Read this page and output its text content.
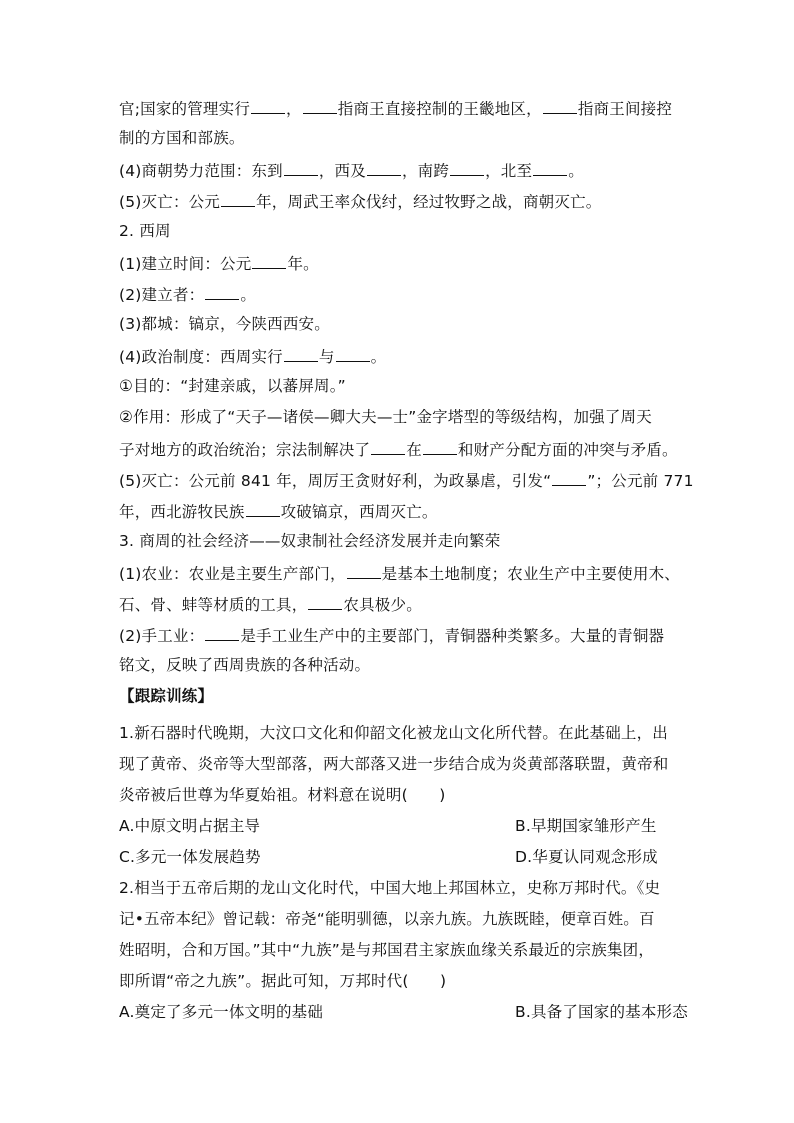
官;国家的管理实行 ， 指商王直接控制的王畿地区， 指商王间接控
制的方国和部族。
(4)商朝势力范围：东到 ，西及 ，南跨 ，北至 。
(5)灭亡：公元 年，周武王率众伐纣，经过牧野之战，商朝灭亡。
2. 西周
(1)建立时间：公元 年。
(2)建立者： 。
(3)都城：镐京，今陕西西安。
(4)政治制度：西周实行 与 。
①目的：“封建亲戚，以蕃屏周。”
②作用：形成了“天子—诸侯—卿大夫—士”金字塔型的等级结构，加强了周天
子对地方的政治统治；宗法制解决了 在 和财产分配方面的冲突与矛盾。
(5)灭亡：公元前 841 年，周厉王贪财好利，为政暴虐，引发“ ”；公元前 771
年，西北游牧民族 攻破镐京，西周灭亡。
3. 商周的社会经济——奴隶制社会经济发展并走向繁荣
(1)农业：农业是主要生产部门， 是基本土地制度；农业生产中主要使用木、
石、骨、蚌等材质的工具， 农具极少。
(2)手工业： 是手工业生产中的主要部门，青铜器种类繁多。大量的青铜器
铭文，反映了西周贵族的各种活动。
【跟踪训练】
1.新石器时代晚期，大汶口文化和仰韶文化被龙山文化所代替。在此基础上，出
现了黄帝、炎帝等大型部落，两大部落又进一步结合成为炎黄部落联盟，黄帝和
炎帝被后世尊为华夏始祖。材料意在说明(　　)
A.中原文明占据主导	B.早期国家雏形产生
C.多元一体发展趋势	D.华夏认同观念形成
2.相当于五帝后期的龙山文化时代，中国大地上邦国林立，史称万邦时代。《史
记•五帝本纪》曾记载：帝尧“能明驯德，以亲九族。九族既睦，便章百姓。百
姓昭明，合和万国。”其中“九族”是与邦国君主家族血缘关系最近的宗族集团，
即所谓“帝之九族”。据此可知，万邦时代(　　)
A.奠定了多元一体文明的基础	B.具备了国家的基本形态
